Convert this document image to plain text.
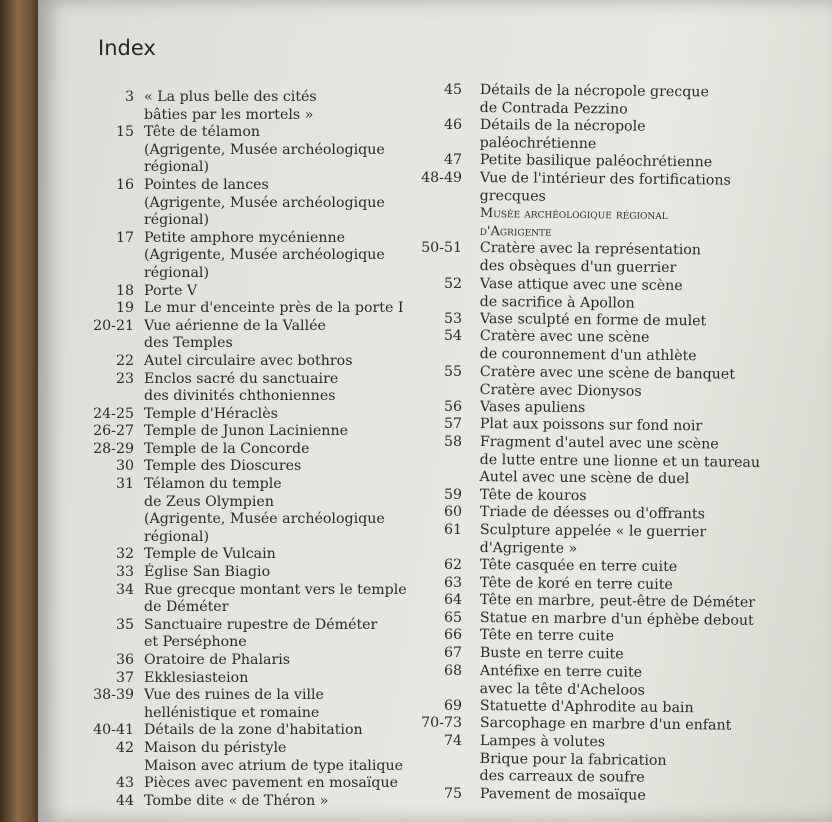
Index
3 « La plus belle des cités
bâties par les mortels »
15 Tête de télamon
(Agrigente, Musée archéologique
régional)
16 Pointes de lances
(Agrigente, Musée archéologique
régional)
17 Petite amphore mycénienne
(Agrigente, Musée archéologique
régional)
18 Porte V
19 Le mur d'enceinte près de la porte I
20-21 Vue aérienne de la Vallée
des Temples
22 Autel circulaire avec bothros
23 Enclos sacré du sanctuaire
des divinités chthoniennes
24-25 Temple d'Héraclès
26-27 Temple de Junon Lacinienne
28-29 Temple de la Concorde
30 Temple des Dioscures
31 Télamon du temple
de Zeus Olympien
(Agrigente, Musée archéologique
régional)
32 Temple de Vulcain
33 Église San Biagio
34 Rue grecque montant vers le temple
de Déméter
35 Sanctuaire rupestre de Déméter
et Perséphone
36 Oratoire de Phalaris
37 Ekklesiasteion
38-39 Vue des ruines de la ville
hellénistique et romaine
40-41 Détails de la zone d'habitation
42 Maison du péristyle
Maison avec atrium de type italique
43 Pièces avec pavement en mosaïque
44 Tombe dite « de Théron »
45	Détails de la nécropole grecque
de Contrada Pezzino
46	Détails de la nécropole
paléochrétienne
47	Petite basilique paléochrétienne
48-49	Vue de l'intérieur des fortifications
grecques
Musée archéologique régional
d'Agrigente
50-51	Cratère avec la représentation
des obsèques d'un guerrier
52	Vase attique avec une scène
de sacrifice à Apollon
53	Vase sculpté en forme de mulet
54	Cratère avec une scène
de couronnement d'un athlète
55	Cratère avec une scène de banquet
Cratère avec Dionysos
56	Vases apuliens
57	Plat aux poissons sur fond noir
58	Fragment d'autel avec une scène
de lutte entre une lionne et un taureau
Autel avec une scène de duel
59	Tête de kouros
60	Triade de déesses ou d'offrants
61	Sculpture appelée « le guerrier
d'Agrigente »
62	Tête casquée en terre cuite
63	Tête de koré en terre cuite
64	Tête en marbre, peut-être de Déméter
65	Statue en marbre d'un éphèbe debout
66	Tête en terre cuite
67	Buste en terre cuite
68	Antéfixe en terre cuite
avec la tête d'Acheloos
69	Statuette d'Aphrodite au bain
70-73	Sarcophage en marbre d'un enfant
74	Lampes à volutes
Brique pour la fabrication
des carreaux de soufre
75	Pavement de mosaïque
